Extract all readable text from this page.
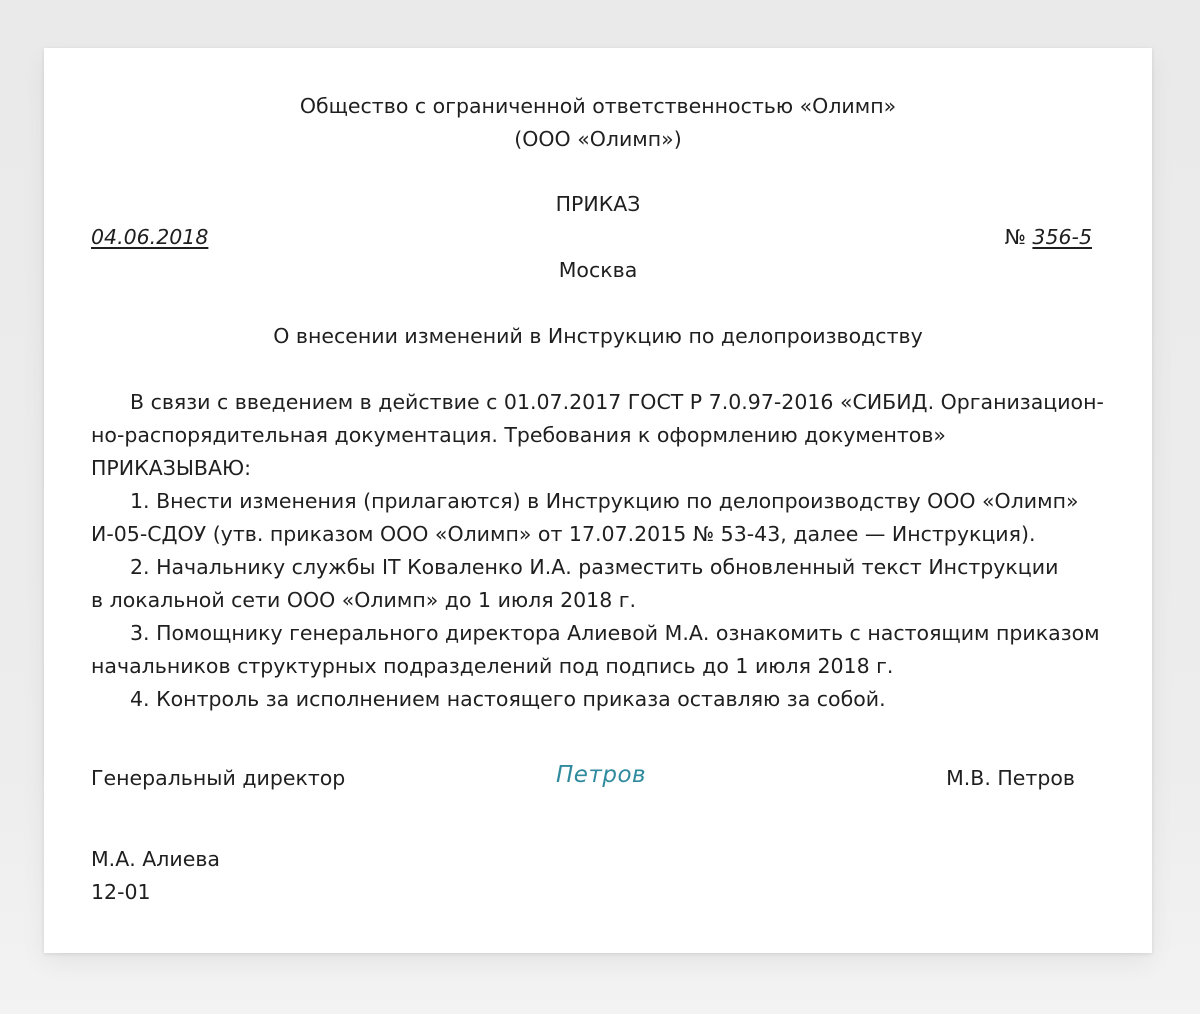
Общество с ограниченной ответственностью «Олимп»

(ООО «Олимп»)

ПРИКАЗ

04.06.2018	№ 356-5

Москва

О внесении изменений в Инструкцию по делопроизводству

В связи с введением в действие с 01.07.2017 ГОСТ Р 7.0.97-2016 «СИБИД. Организацион-

но-распорядительная документация. Требования к оформлению документов»

ПРИКАЗЫВАЮ:

1. Внести изменения (прилагаются) в Инструкцию по делопроизводству ООО «Олимп»

И-05-СДОУ (утв. приказом ООО «Олимп» от 17.07.2015 № 53-43, далее — Инструкция).

2. Начальнику службы IT Коваленко И.А. разместить обновленный текст Инструкции

в локальной сети ООО «Олимп» до 1 июля 2018 г.

3. Помощнику генерального директора Алиевой М.А. ознакомить с настоящим приказом

начальников структурных подразделений под подпись до 1 июля 2018 г.

4. Контроль за исполнением настоящего приказа оставляю за собой.

Генеральный директор	Петров	М.В. Петров

М.А. Алиева

12-01
